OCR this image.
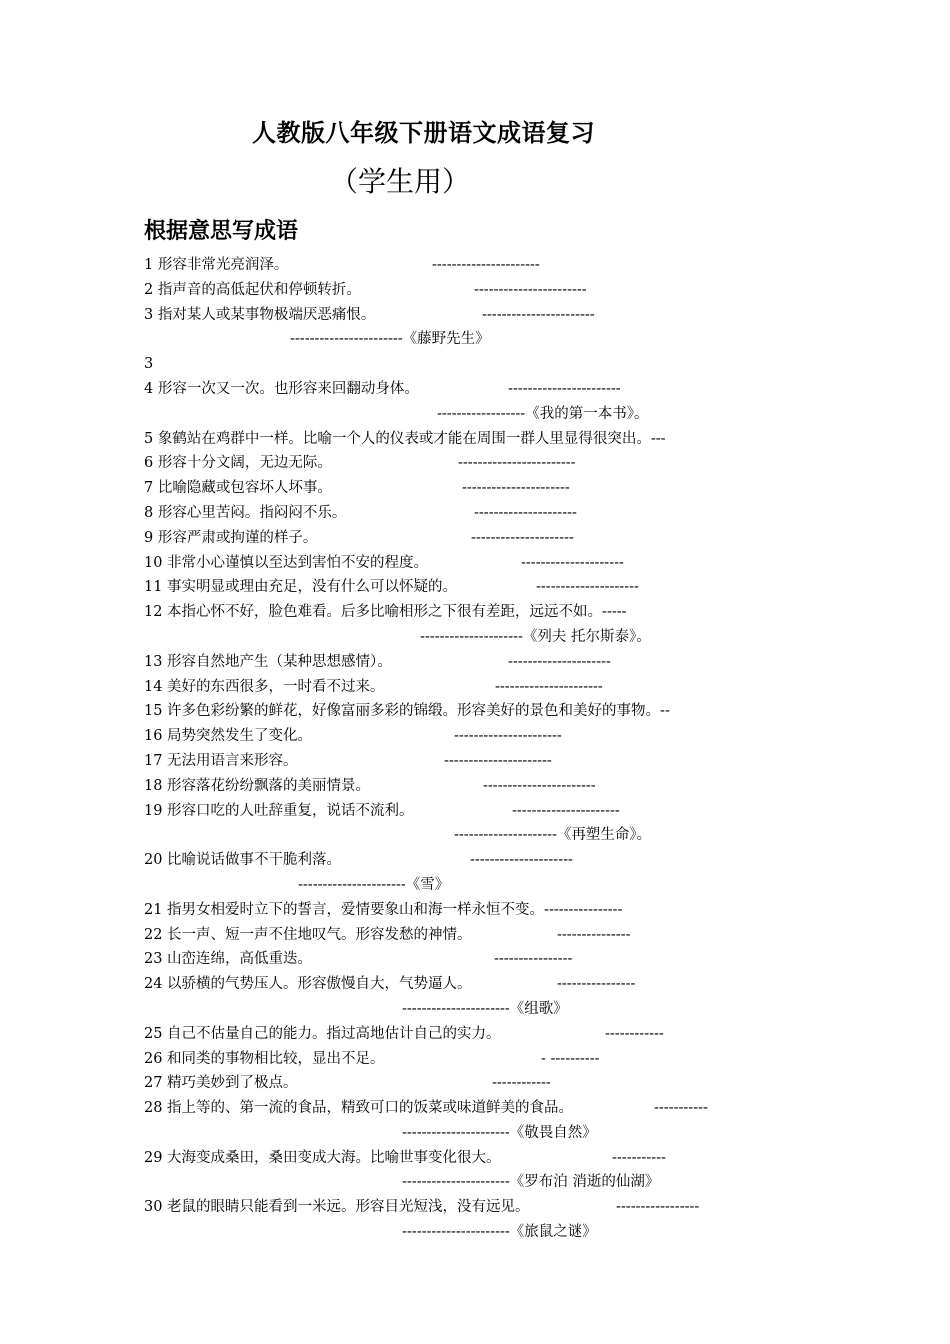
人教版八年级下册语文成语复习
（学生用）
根据意思写成语
1 形容非常光亮润泽。	----------------------
2 指声音的高低起伏和停顿转折。	-----------------------
3 指对某人或某事物极端厌恶痛恨。	-----------------------
-----------------------《藤野先生》
3
4 形容一次又一次。也形容来回翻动身体。	-----------------------
------------------《我的第一本书》。
5 象鹤站在鸡群中一样。比喻一个人的仪表或才能在周围一群人里显得很突出。---
6 形容十分文阔，无边无际。	------------------------
7 比喻隐藏或包容坏人坏事。	----------------------
8 形容心里苦闷。指闷闷不乐。	---------------------
9 形容严肃或拘谨的样子。	---------------------
10 非常小心谨慎以至达到害怕不安的程度。	---------------------
11 事实明显或理由充足，没有什么可以怀疑的。	---------------------
12 本指心怀不好，脸色难看。后多比喻相形之下很有差距，远远不如。-----
---------------------《列夫 托尔斯泰》。
13 形容自然地产生（某种思想感情）。	---------------------
14 美好的东西很多，一时看不过来。	----------------------
15 许多色彩纷繁的鲜花，好像富丽多彩的锦缎。形容美好的景色和美好的事物。--
16 局势突然发生了变化。	----------------------
17 无法用语言来形容。	----------------------
18 形容落花纷纷飘落的美丽情景。	-----------------------
19 形容口吃的人吐辞重复，说话不流利。	----------------------
---------------------《再塑生命》。
20 比喻说话做事不干脆利落。	---------------------
----------------------《雪》
21 指男女相爱时立下的誓言，爱情要象山和海一样永恒不变。----------------
22 长一声、短一声不住地叹气。形容发愁的神情。	---------------
23 山峦连绵，高低重迭。	----------------
24 以骄横的气势压人。形容傲慢自大，气势逼人。	----------------
----------------------《组歌》
25 自己不估量自己的能力。指过高地估计自己的实力。	------------
26 和同类的事物相比较，显出不足。	- ----------
27 精巧美妙到了极点。	------------
28 指上等的、第一流的食品，精致可口的饭菜或味道鲜美的食品。	-----------
----------------------《敬畏自然》
29 大海变成桑田，桑田变成大海。比喻世事变化很大。	-----------
----------------------《罗布泊 消逝的仙湖》
30 老鼠的眼睛只能看到一米远。形容目光短浅，没有远见。	-----------------
----------------------《旅鼠之谜》
